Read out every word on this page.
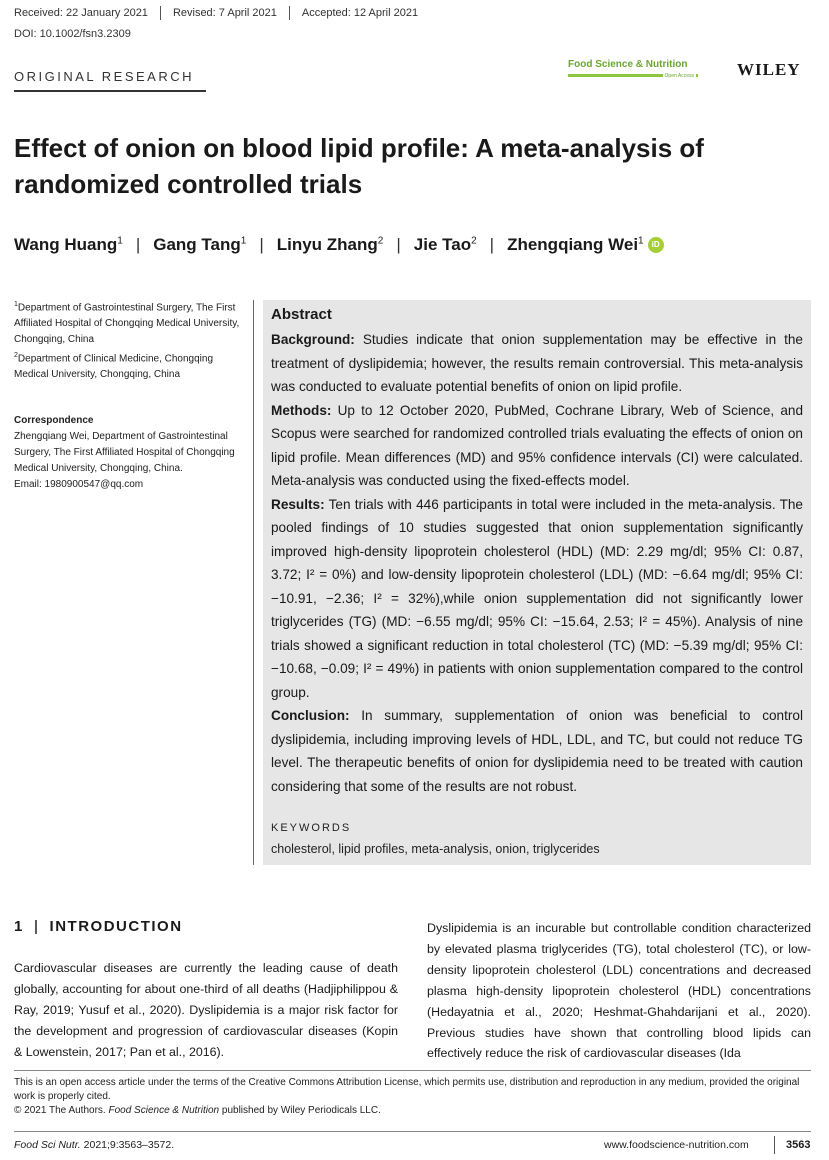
Received: 22 January 2021 Revised: 7 April 2021 Accepted: 12 April 2021
DOI: 10.1002/fsn3.2309
ORIGINAL RESEARCH
Food Science & Nutrition
Open Access	WILEY
Effect of onion on blood lipid profile: A meta-analysis of randomized controlled trials
Wang Huang$^1$ | Gang Tang$^1$ | Linyu Zhang$^2$ | Jie Tao$^2$ | Zhengqiang Wei$^1$	iD
$^1$Department of Gastrointestinal Surgery, The First Affiliated Hospital of Chongqing Medical University, Chongqing, China
$^2$Department of Clinical Medicine, Chongqing Medical University, Chongqing, China
Correspondence
Zhengqiang Wei, Department of Gastrointestinal Surgery, The First Affiliated Hospital of Chongqing Medical University, Chongqing, China.
Email: 1980900547@qq.com

Abstract

Background: Studies indicate that onion supplementation may be effective in the treatment of dyslipidemia; however, the results remain controversial. This meta-analysis was conducted to evaluate potential benefits of onion on lipid profile.

Methods: Up to 12 October 2020, PubMed, Cochrane Library, Web of Science, and Scopus were searched for randomized controlled trials evaluating the effects of onion on lipid profile. Mean differences (MD) and 95% confidence intervals (CI) were calculated. Meta-analysis was conducted using the fixed-effects model.

Results: Ten trials with 446 participants in total were included in the meta-analysis. The pooled findings of 10 studies suggested that onion supplementation significantly improved high-density lipoprotein cholesterol (HDL) (MD: 2.29 mg/dl; 95% CI: 0.87, 3.72; I² = 0%) and low-density lipoprotein cholesterol (LDL) (MD: −6.64 mg/dl; 95% CI: −10.91, −2.36; I² = 32%),while onion supplementation did not significantly lower triglycerides (TG) (MD: −6.55 mg/dl; 95% CI: −15.64, 2.53; I² = 45%). Analysis of nine trials showed a significant reduction in total cholesterol (TC) (MD: −5.39 mg/dl; 95% CI: −10.68, −0.09; I² = 49%) in patients with onion supplementation compared to the control group.

Conclusion: In summary, supplementation of onion was beneficial to control dyslipidemia, including improving levels of HDL, LDL, and TC, but could not reduce TG level. The therapeutic benefits of onion for dyslipidemia need to be treated with caution considering that some of the results are not robust.

KEYWORDS
cholesterol, lipid profiles, meta-analysis, onion, triglycerides
1 | INTRODUCTION
Cardiovascular diseases are currently the leading cause of death globally, accounting for about one-third of all deaths (Hadjiphilippou & Ray, 2019; Yusuf et al., 2020). Dyslipidemia is a major risk factor for the development and progression of cardiovascular diseases (Kopin & Lowenstein, 2017; Pan et al., 2016).
Dyslipidemia is an incurable but controllable condition characterized by elevated plasma triglycerides (TG), total cholesterol (TC), or low-density lipoprotein cholesterol (LDL) concentrations and decreased plasma high-density lipoprotein cholesterol (HDL) concentrations (Hedayatnia et al., 2020; Heshmat-Ghahdarijani et al., 2020). Previous studies have shown that controlling blood lipids can effectively reduce the risk of cardiovascular diseases (Ida
This is an open access article under the terms of the Creative Commons Attribution License, which permits use, distribution and reproduction in any medium, provided the original work is properly cited.
© 2021 The Authors. Food Science & Nutrition published by Wiley Periodicals LLC.
Food Sci Nutr. 2021;9:3563–3572.	www.foodscience-nutrition.com	3563
